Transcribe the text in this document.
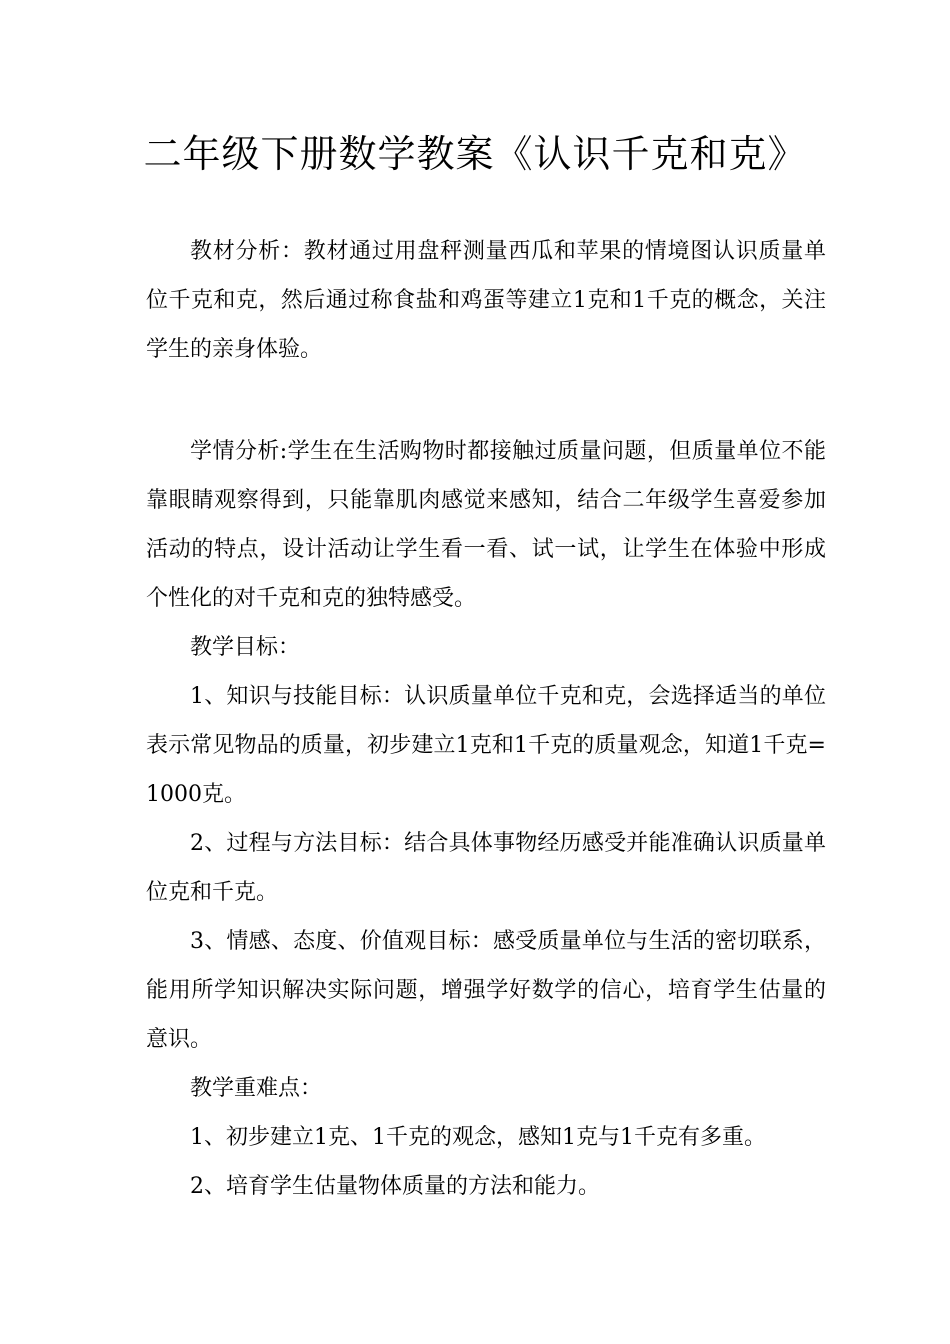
二年级下册数学教案《认识千克和克》

教材分析：教材通过用盘秤测量西瓜和苹果的情境图认识质量单位千克和克，然后通过称食盐和鸡蛋等建立1克和1千克的概念，关注学生的亲身体验。

学情分析:学生在生活购物时都接触过质量问题，但质量单位不能靠眼睛观察得到，只能靠肌肉感觉来感知，结合二年级学生喜爱参加活动的特点，设计活动让学生看一看、试一试，让学生在体验中形成个性化的对千克和克的独特感受。

教学目标：

1、知识与技能目标：认识质量单位千克和克，会选择适当的单位表示常见物品的质量，初步建立1克和1千克的质量观念，知道1千克=1000克。

2、过程与方法目标：结合具体事物经历感受并能准确认识质量单位克和千克。

3、情感、态度、价值观目标：感受质量单位与生活的密切联系，能用所学知识解决实际问题，增强学好数学的信心，培育学生估量的意识。

教学重难点：

1、初步建立1克、1千克的观念，感知1克与1千克有多重。

2、培育学生估量物体质量的方法和能力。
